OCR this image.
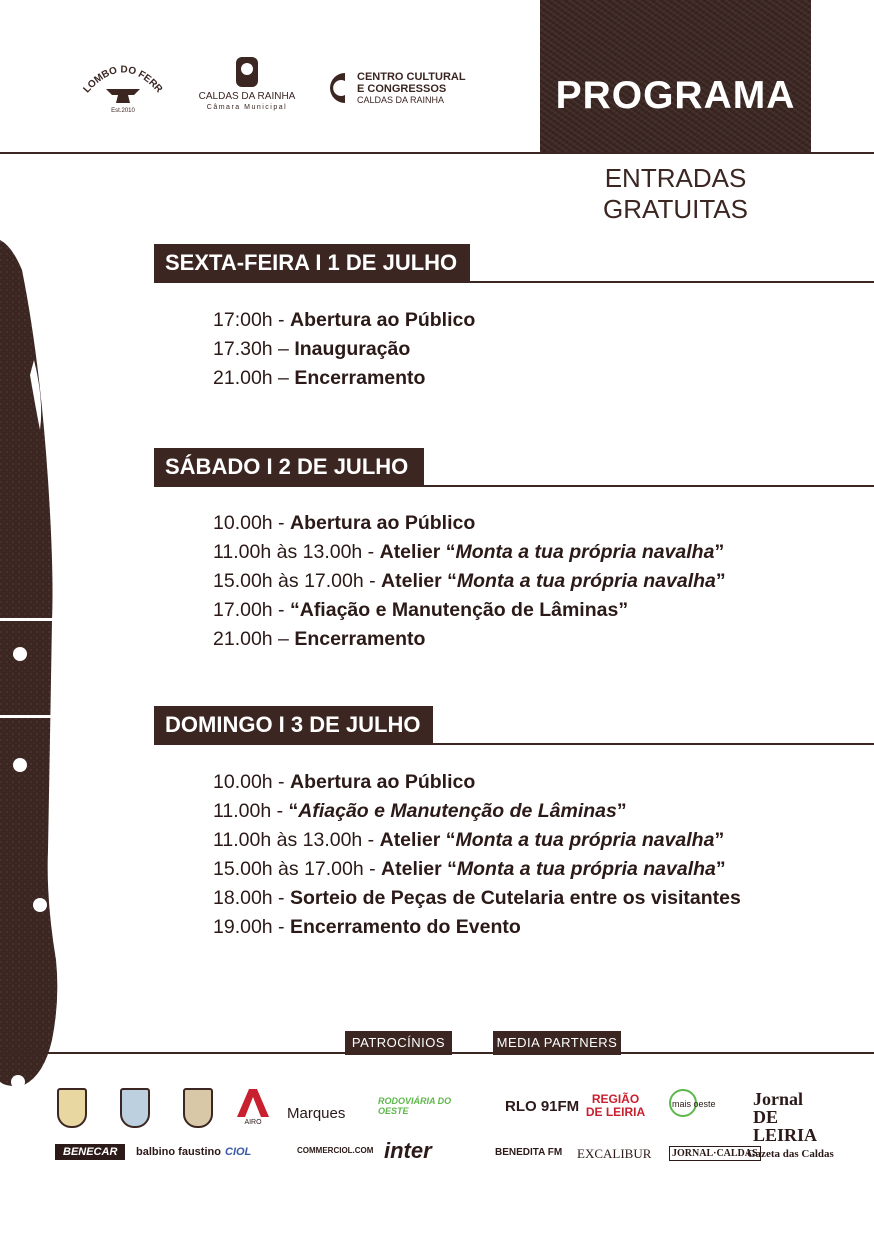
LOMBO DO FERR
Est.2010
CALDAS DA RAINHA
Câmara Municipal
CENTRO CULTURAL
E CONGRESSOS
CALDAS DA RAINHA	PROGRAMA
ENTRADAS GRATUITAS
SEXTA-FEIRA I 1 DE JULHO
17:00h - Abertura ao Público
17.30h – Inauguração
21.00h – Encerramento
SÁBADO I 2 DE JULHO
10.00h - Abertura ao Público
11.00h às 13.00h - Atelier “Monta a tua própria navalha”
15.00h às 17.00h - Atelier “Monta a tua própria navalha”
17.00h - “Afiação e Manutenção de Lâminas”
21.00h – Encerramento
DOMINGO I 3 DE JULHO
10.00h - Abertura ao Público
11.00h - “Afiação e Manutenção de Lâminas”
11.00h às 13.00h - Atelier “Monta a tua própria navalha”
15.00h às 17.00h - Atelier “Monta a tua própria navalha”
18.00h - Sorteio de Peças de Cutelaria entre os visitantes
19.00h - Encerramento do Evento
PATROCÍNIOS	MEDIA PARTNERS
AIRO
Marques
RODOVIÁRIA DO OESTE
BENECAR	balbino faustino CIOL	COMMERCIOL.COM inter
RLO 91FM	REGIÃO DE LEIRIA
mais oeste Jornal DE LEIRIA
BENEDITA FM EXCALIBUR	JORNAL·CALDAS
Gazeta das Caldas
